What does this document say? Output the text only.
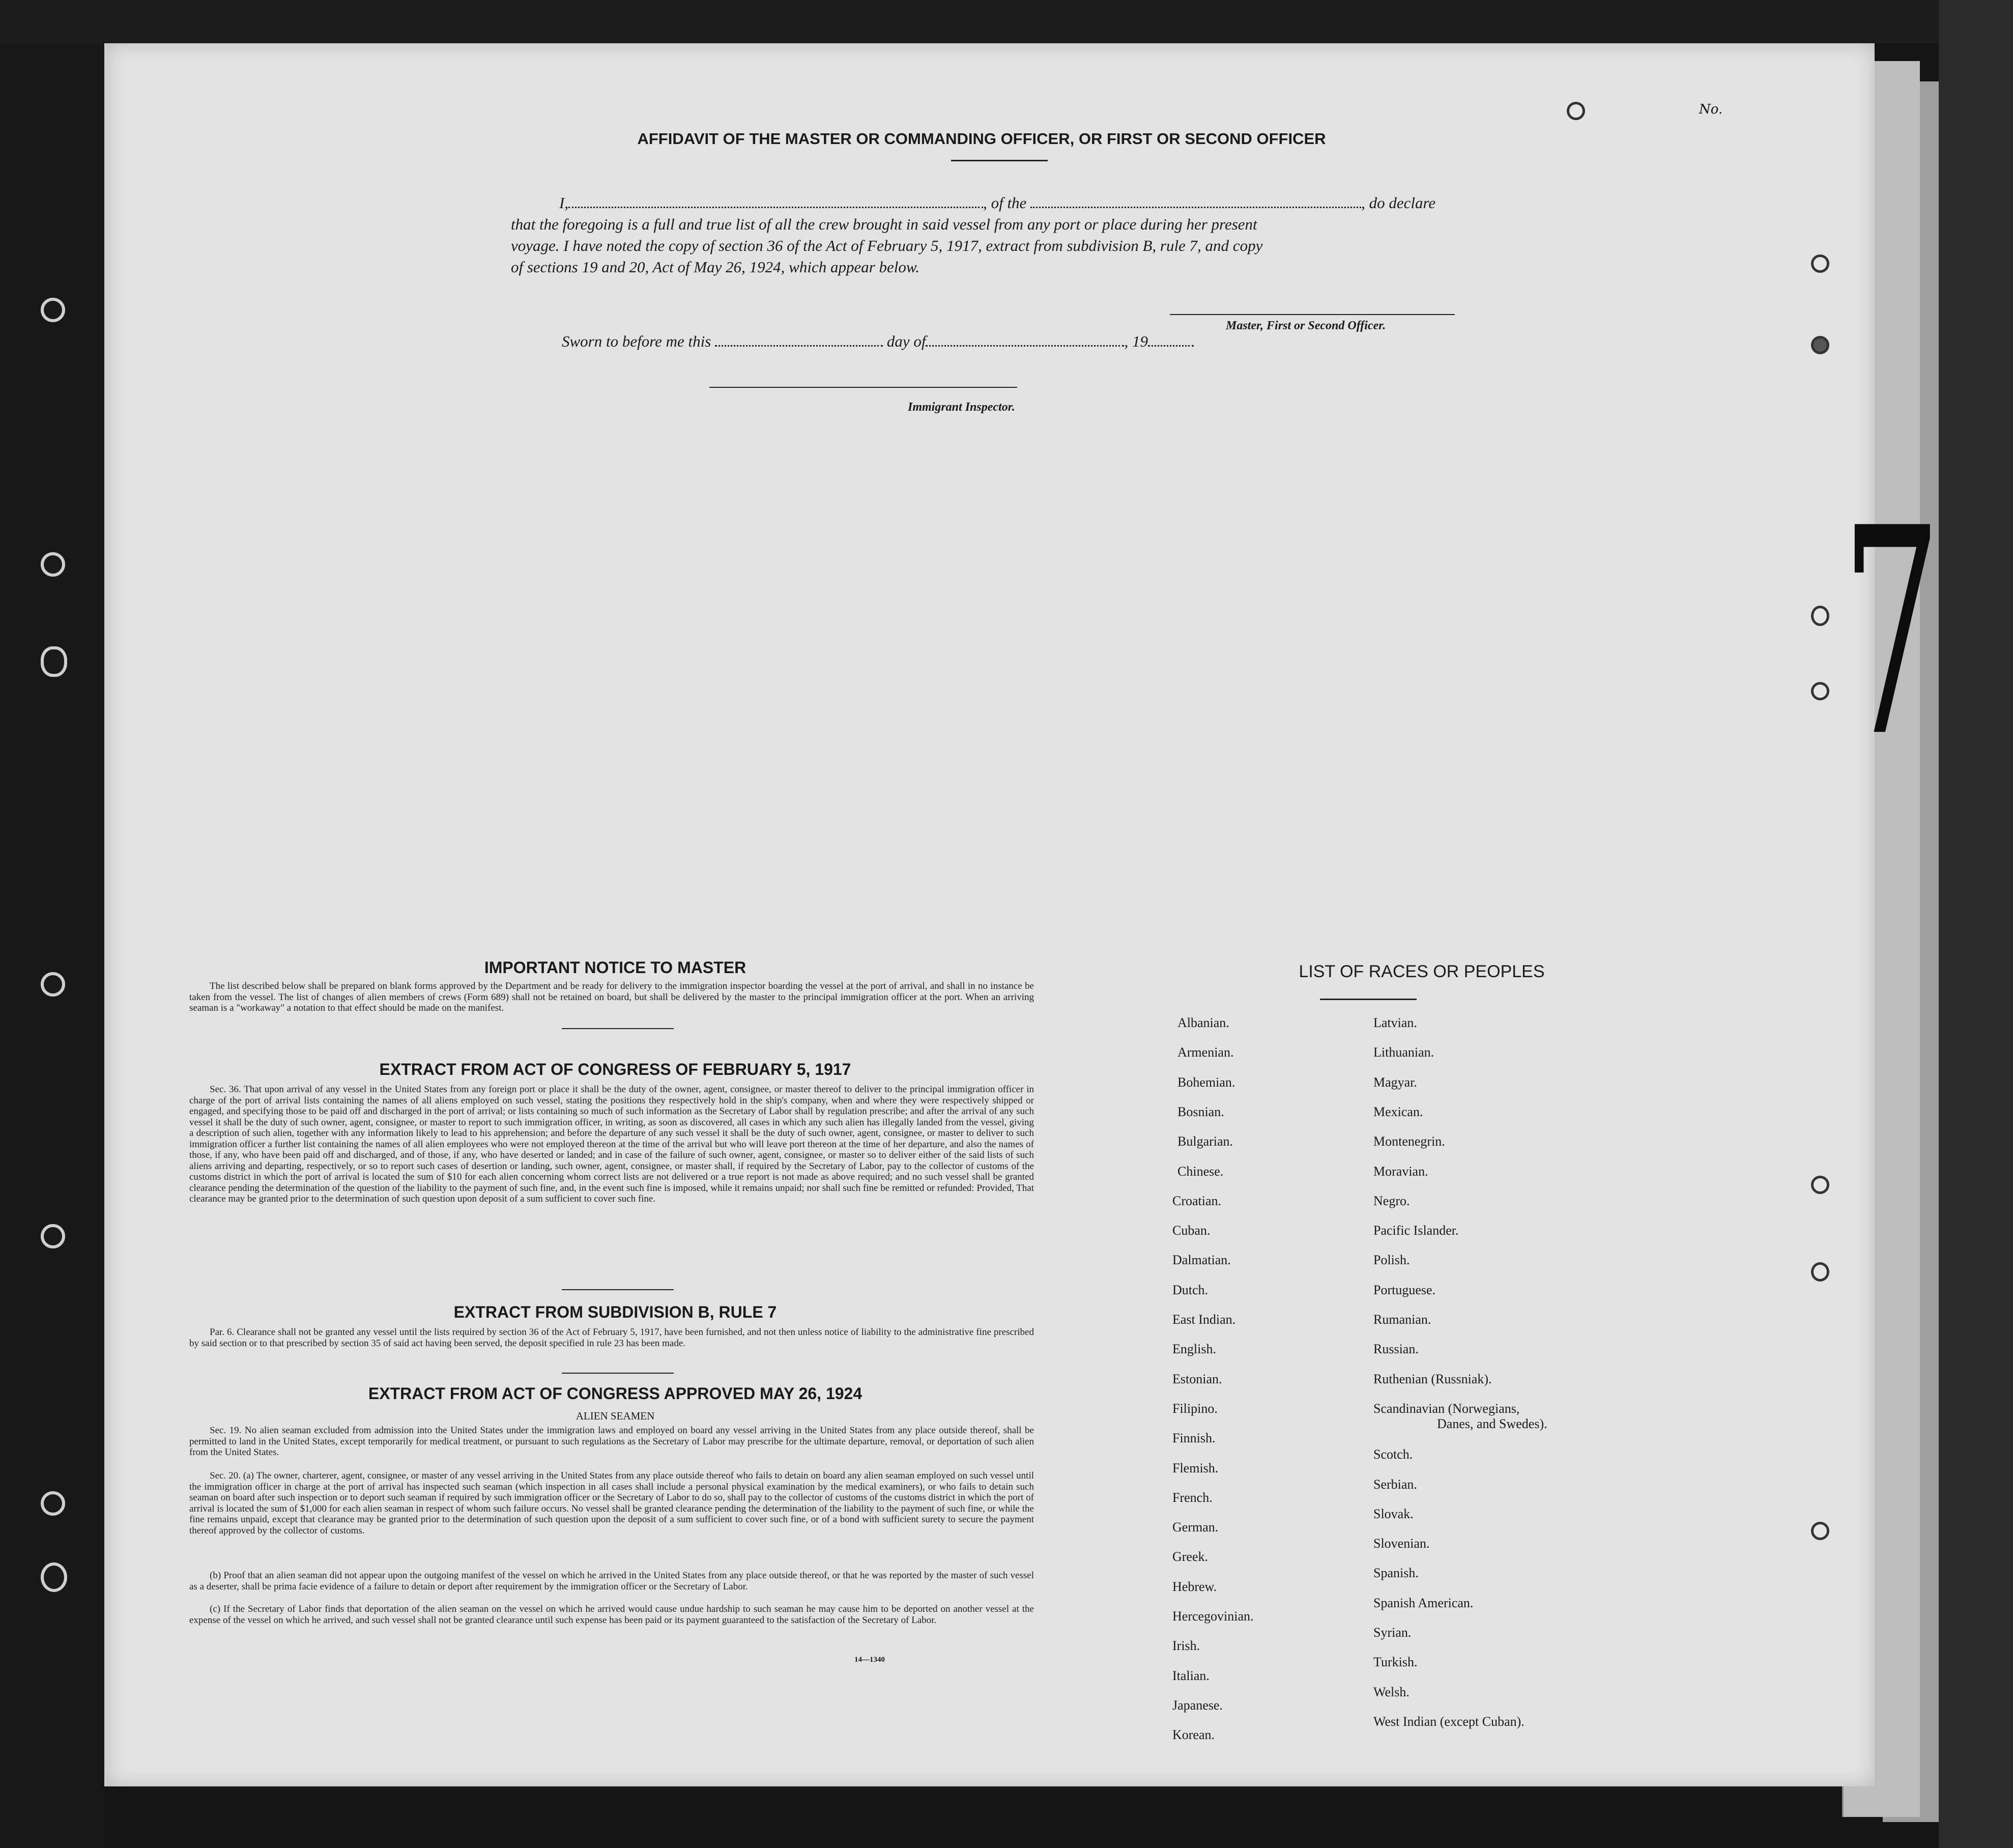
No.
AFFIDAVIT OF THE MASTER OR COMMANDING OFFICER, OR FIRST OR SECOND OFFICER
I,	, of the	, do declare
that the foregoing is a full and true list of all the crew brought in said vessel from any port or place during her present
voyage. I have noted the copy of section 36 of the Act of February 5, 1917, extract from subdivision B, rule 7, and copy
of sections 19 and 20, Act of May 26, 1924, which appear below.
Master, First or Second Officer.
Sworn to before me this	day of	, 19
Immigrant Inspector.
7
IMPORTANT NOTICE TO MASTER
The list described below shall be prepared on blank forms approved by the Department and be ready for delivery to the immigration inspector boarding the vessel at the port of arrival, and shall in no instance be taken from the vessel. The list of changes of alien members of crews (Form 689) shall not be retained on board, but shall be delivered by the master to the principal immigration officer at the port. When an arriving seaman is a "workaway" a notation to that effect should be made on the manifest.
EXTRACT FROM ACT OF CONGRESS OF FEBRUARY 5, 1917
Sec. 36. That upon arrival of any vessel in the United States from any foreign port or place it shall be the duty of the owner, agent, consignee, or master thereof to deliver to the principal immigration officer in charge of the port of arrival lists containing the names of all aliens employed on such vessel, stating the positions they respectively hold in the ship's company, when and where they were respectively shipped or engaged, and specifying those to be paid off and discharged in the port of arrival; or lists containing so much of such information as the Secretary of Labor shall by regulation prescribe; and after the arrival of any such vessel it shall be the duty of such owner, agent, consignee, or master to report to such immigration officer, in writing, as soon as discovered, all cases in which any such alien has illegally landed from the vessel, giving a description of such alien, together with any information likely to lead to his apprehension; and before the departure of any such vessel it shall be the duty of such owner, agent, consignee, or master to deliver to such immigration officer a further list containing the names of all alien employees who were not employed thereon at the time of the arrival but who will leave port thereon at the time of her departure, and also the names of those, if any, who have been paid off and discharged, and of those, if any, who have deserted or landed; and in case of the failure of such owner, agent, consignee, or master so to deliver either of the said lists of such aliens arriving and departing, respectively, or so to report such cases of desertion or landing, such owner, agent, consignee, or master shall, if required by the Secretary of Labor, pay to the collector of customs of the customs district in which the port of arrival is located the sum of $10 for each alien concerning whom correct lists are not delivered or a true report is not made as above required; and no such vessel shall be granted clearance pending the determination of the question of the liability to the payment of such fine, and, in the event such fine is imposed, while it remains unpaid; nor shall such fine be remitted or refunded: Provided, That clearance may be granted prior to the determination of such question upon deposit of a sum sufficient to cover such fine.
EXTRACT FROM SUBDIVISION B, RULE 7
Par. 6. Clearance shall not be granted any vessel until the lists required by section 36 of the Act of February 5, 1917, have been furnished, and not then unless notice of liability to the administrative fine prescribed by said section or to that prescribed by section 35 of said act having been served, the deposit specified in rule 23 has been made.
EXTRACT FROM ACT OF CONGRESS APPROVED MAY 26, 1924
ALIEN SEAMEN
Sec. 19. No alien seaman excluded from admission into the United States under the immigration laws and employed on board any vessel arriving in the United States from any place outside thereof, shall be permitted to land in the United States, except temporarily for medical treatment, or pursuant to such regulations as the Secretary of Labor may prescribe for the ultimate departure, removal, or deportation of such alien from the United States.
Sec. 20. (a) The owner, charterer, agent, consignee, or master of any vessel arriving in the United States from any place outside thereof who fails to detain on board any alien seaman employed on such vessel until the immigration officer in charge at the port of arrival has inspected such seaman (which inspection in all cases shall include a personal physical examination by the medical examiners), or who fails to detain such seaman on board after such inspection or to deport such seaman if required by such immigration officer or the Secretary of Labor to do so, shall pay to the collector of customs of the customs district in which the port of arrival is located the sum of $1,000 for each alien seaman in respect of whom such failure occurs. No vessel shall be granted clearance pending the determination of the liability to the payment of such fine, or while the fine remains unpaid, except that clearance may be granted prior to the determination of such question upon the deposit of a sum sufficient to cover such fine, or of a bond with sufficient surety to secure the payment thereof approved by the collector of customs.
(b) Proof that an alien seaman did not appear upon the outgoing manifest of the vessel on which he arrived in the United States from any place outside thereof, or that he was reported by the master of such vessel as a deserter, shall be prima facie evidence of a failure to detain or deport after requirement by the immigration officer or the Secretary of Labor.
(c) If the Secretary of Labor finds that deportation of the alien seaman on the vessel on which he arrived would cause undue hardship to such seaman he may cause him to be deported on another vessel at the expense of the vessel on which he arrived, and such vessel shall not be granted clearance until such expense has been paid or its payment guaranteed to the satisfaction of the Secretary of Labor.
14—1340
LIST OF RACES OR PEOPLES
Albanian.
Armenian.
Bohemian.
Bosnian.
Bulgarian.
Chinese.
Croatian.
Cuban.
Dalmatian.
Dutch.
East Indian.
English.
Estonian.
Filipino.
Finnish.
Flemish.
French.
German.
Greek.
Hebrew.
Hercegovinian.
Irish.
Italian.
Japanese.
Korean.
Latvian.
Lithuanian.
Magyar.
Mexican.
Montenegrin.
Moravian.
Negro.
Pacific Islander.
Polish.
Portuguese.
Rumanian.
Russian.
Ruthenian (Russniak).
Scandinavian (Norwegians,
Danes, and Swedes).
Scotch.
Serbian.
Slovak.
Slovenian.
Spanish.
Spanish American.
Syrian.
Turkish.
Welsh.
West Indian (except Cuban).
